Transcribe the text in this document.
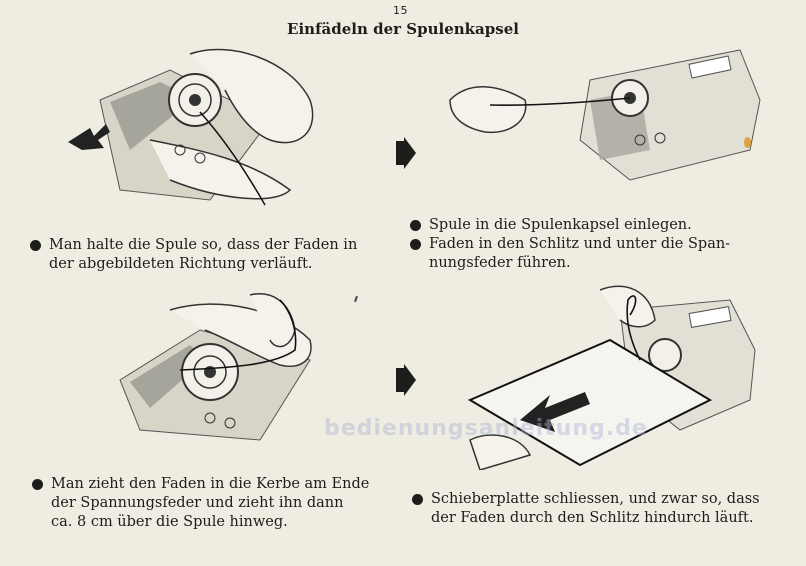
15
Einfädeln der Spulenkapsel
Man halte die Spule so, dass der Faden in
der abgebildeten Richtung verläuft.
Spule in die Spulenkapsel einlegen.
Faden in den Schlitz und unter die Span-
nungsfeder führen.
Man zieht den Faden in die Kerbe am Ende
der Spannungsfeder und zieht ihn dann
ca. 8 cm über die Spule hinweg.
Schieberplatte schliessen, und zwar so, dass
der Faden durch den Schlitz hindurch läuft.
bedienungsanleitung.de
